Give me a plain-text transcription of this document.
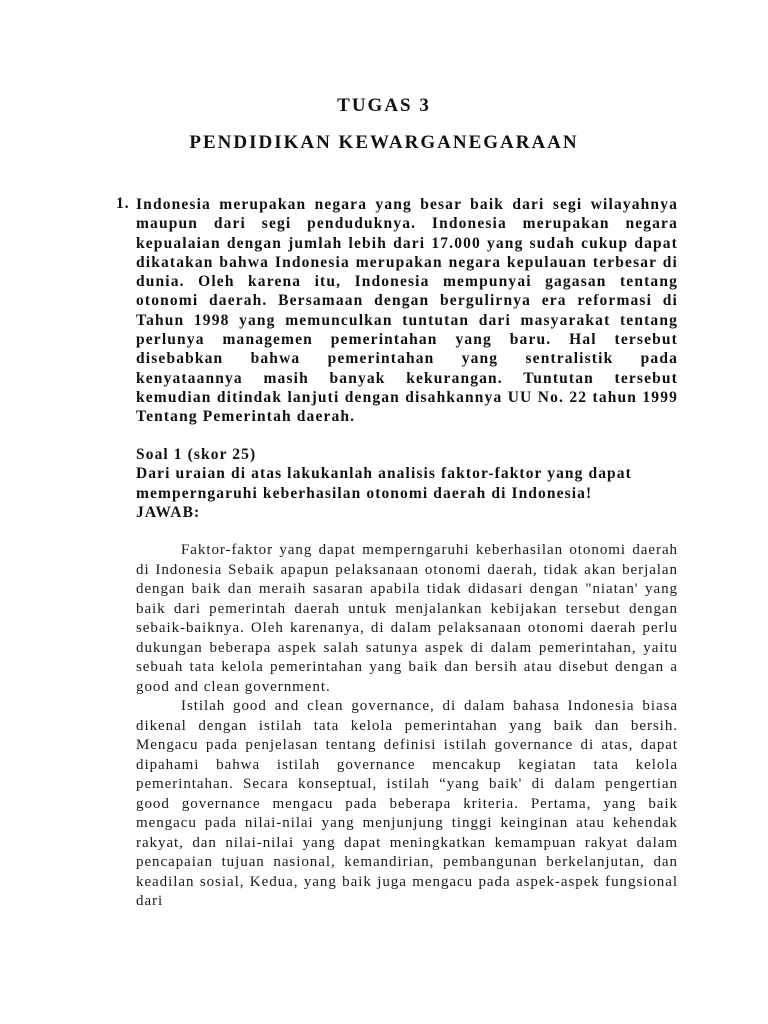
TUGAS 3
PENDIDIKAN KEWARGANEGARAAN
1. Indonesia merupakan negara yang besar baik dari segi wilayahnya maupun dari segi penduduknya. Indonesia merupakan negara kepualaian dengan jumlah lebih dari 17.000 yang sudah cukup dapat dikatakan bahwa Indonesia merupakan negara kepulauan terbesar di dunia. Oleh karena itu, Indonesia mempunyai gagasan tentang otonomi daerah. Bersamaan dengan bergulirnya era reformasi di Tahun 1998 yang memunculkan tuntutan dari masyarakat tentang perlunya managemen pemerintahan yang baru. Hal tersebut disebabkan bahwa pemerintahan yang sentralistik pada kenyataannya masih banyak kekurangan. Tuntutan tersebut kemudian ditindak lanjuti dengan disahkannya UU No. 22 tahun 1999 Tentang Pemerintah daerah.

Soal 1 (skor 25)
Dari uraian di atas lakukanlah analisis faktor-faktor yang dapat memperngaruhi keberhasilan otonomi daerah di Indonesia!
JAWAB:

Faktor-faktor yang dapat memperngaruhi keberhasilan otonomi daerah di Indonesia Sebaik apapun pelaksanaan otonomi daerah, tidak akan berjalan dengan baik dan meraih sasaran apabila tidak didasari dengan "niatan' yang baik dari pemerintah daerah untuk menjalankan kebijakan tersebut dengan sebaik-baiknya. Oleh karenanya, di dalam pelaksanaan otonomi daerah perlu dukungan beberapa aspek salah satunya aspek di dalam pemerintahan, yaitu sebuah tata kelola pemerintahan yang baik dan bersih atau disebut dengan a good and clean government.

Istilah good and clean governance, di dalam bahasa Indonesia biasa dikenal dengan istilah tata kelola pemerintahan yang baik dan bersih. Mengacu pada penjelasan tentang definisi istilah governance di atas, dapat dipahami bahwa istilah governance mencakup kegiatan tata kelola pemerintahan. Secara konseptual, istilah “yang baik' di dalam pengertian good governance mengacu pada beberapa kriteria. Pertama, yang baik mengacu pada nilai-nilai yang menjunjung tinggi keinginan atau kehendak rakyat, dan nilai-nilai yang dapat meningkatkan kemampuan rakyat dalam pencapaian tujuan nasional, kemandirian, pembangunan berkelanjutan, dan keadilan sosial, Kedua, yang baik juga mengacu pada aspek-aspek fungsional dari
